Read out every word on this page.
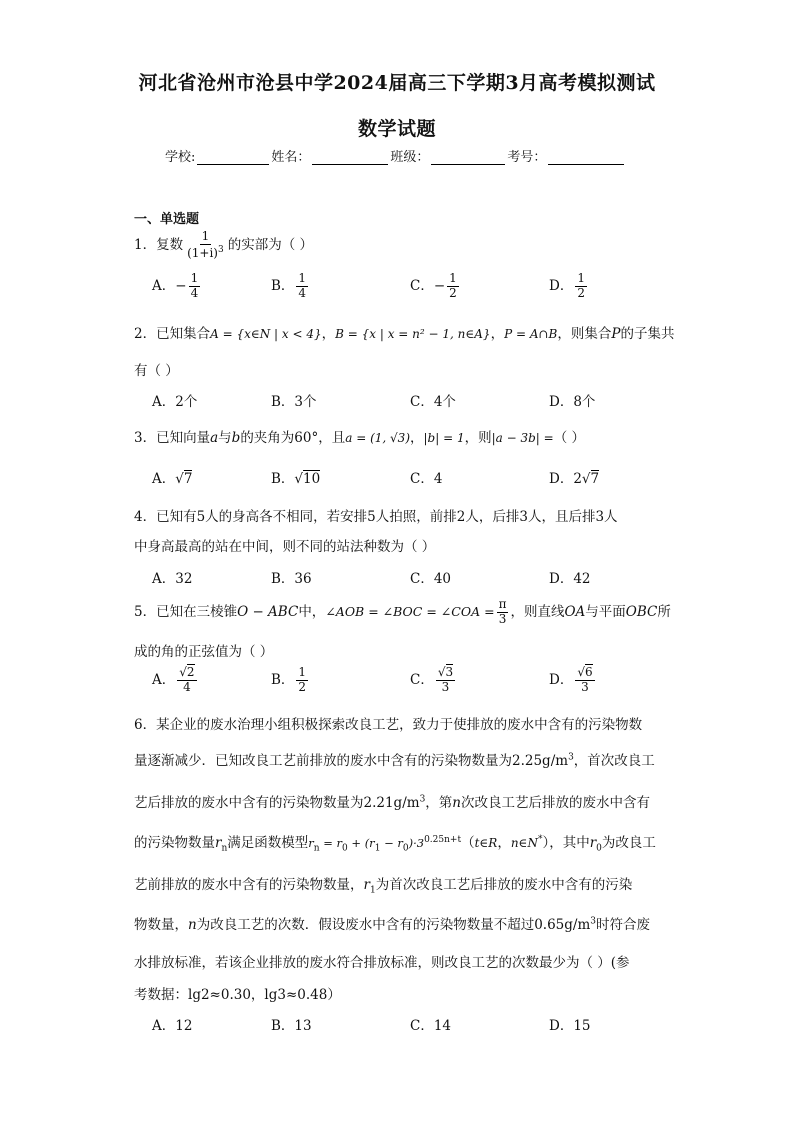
河北省沧州市沧县中学2024届高三下学期3月高考模拟测试
数学试题
学校:	姓名：	班级：	考号：
一、单选题
1．复数 $\frac{1}{(1+i)^3}$ 的实部为（ ）
A．− $\frac{1}{4}$	B． $\frac{1}{4}$	C．− $\frac{1}{2}$	D． $\frac{1}{2}$
2．已知集合A = {x∈N | x < 4}，B = {x | x = n² − 1, n∈A}，P = A∩B，则集合P的子集共
有（ ）
A．2个	B．3个	C．4个	D．8个
3．已知向量a与b的夹角为60°，且a = (1, √3)，|b| = 1，则|a − 3b| =（ ）
A．√7	B．√10	C．4	D．2√7
4．已知有5人的身高各不相同，若安排5人拍照，前排2人，后排3人，且后排3人
中身高最高的站在中间，则不同的站法种数为（ ）
A．32	B．36	C．40	D．42
5．已知在三棱锥O − ABC中，∠AOB = ∠BOC = ∠COA = $\frac{\pi}{3}$ ，则直线OA与平面OBC所
成的角的正弦值为（ ）
A． $\frac{√2}{4}$	B． $\frac{1}{2}$	C． $\frac{√3}{3}$	D． $\frac{√6}{3}$
6．某企业的废水治理小组积极探索改良工艺，致力于使排放的废水中含有的污染物数
量逐渐减少．已知改良工艺前排放的废水中含有的污染物数量为$2.25g/m^3$，首次改良工
艺后排放的废水中含有的污染物数量为$2.21g/m^3$，第n次改良工艺后排放的废水中含有
的污染物数量$r_n$满足函数模型$r_n = r_0 + (r_1$ − $r_0)\cdot 3^{0.25n+t}(t\in R$，n∈N*），其中$r_0$为改良工
艺前排放的废水中含有的污染物数量，$r_1$为首次改良工艺后排放的废水中含有的污染
物数量，n为改良工艺的次数．假设废水中含有的污染物数量不超过$0.65g/m^3$时符合废
水排放标准，若该企业排放的废水符合排放标准，则改良工艺的次数最少为（ ）(参
考数据：lg2≈0.30，lg3≈0.48）
A．12	B．13	C．14	D．15
